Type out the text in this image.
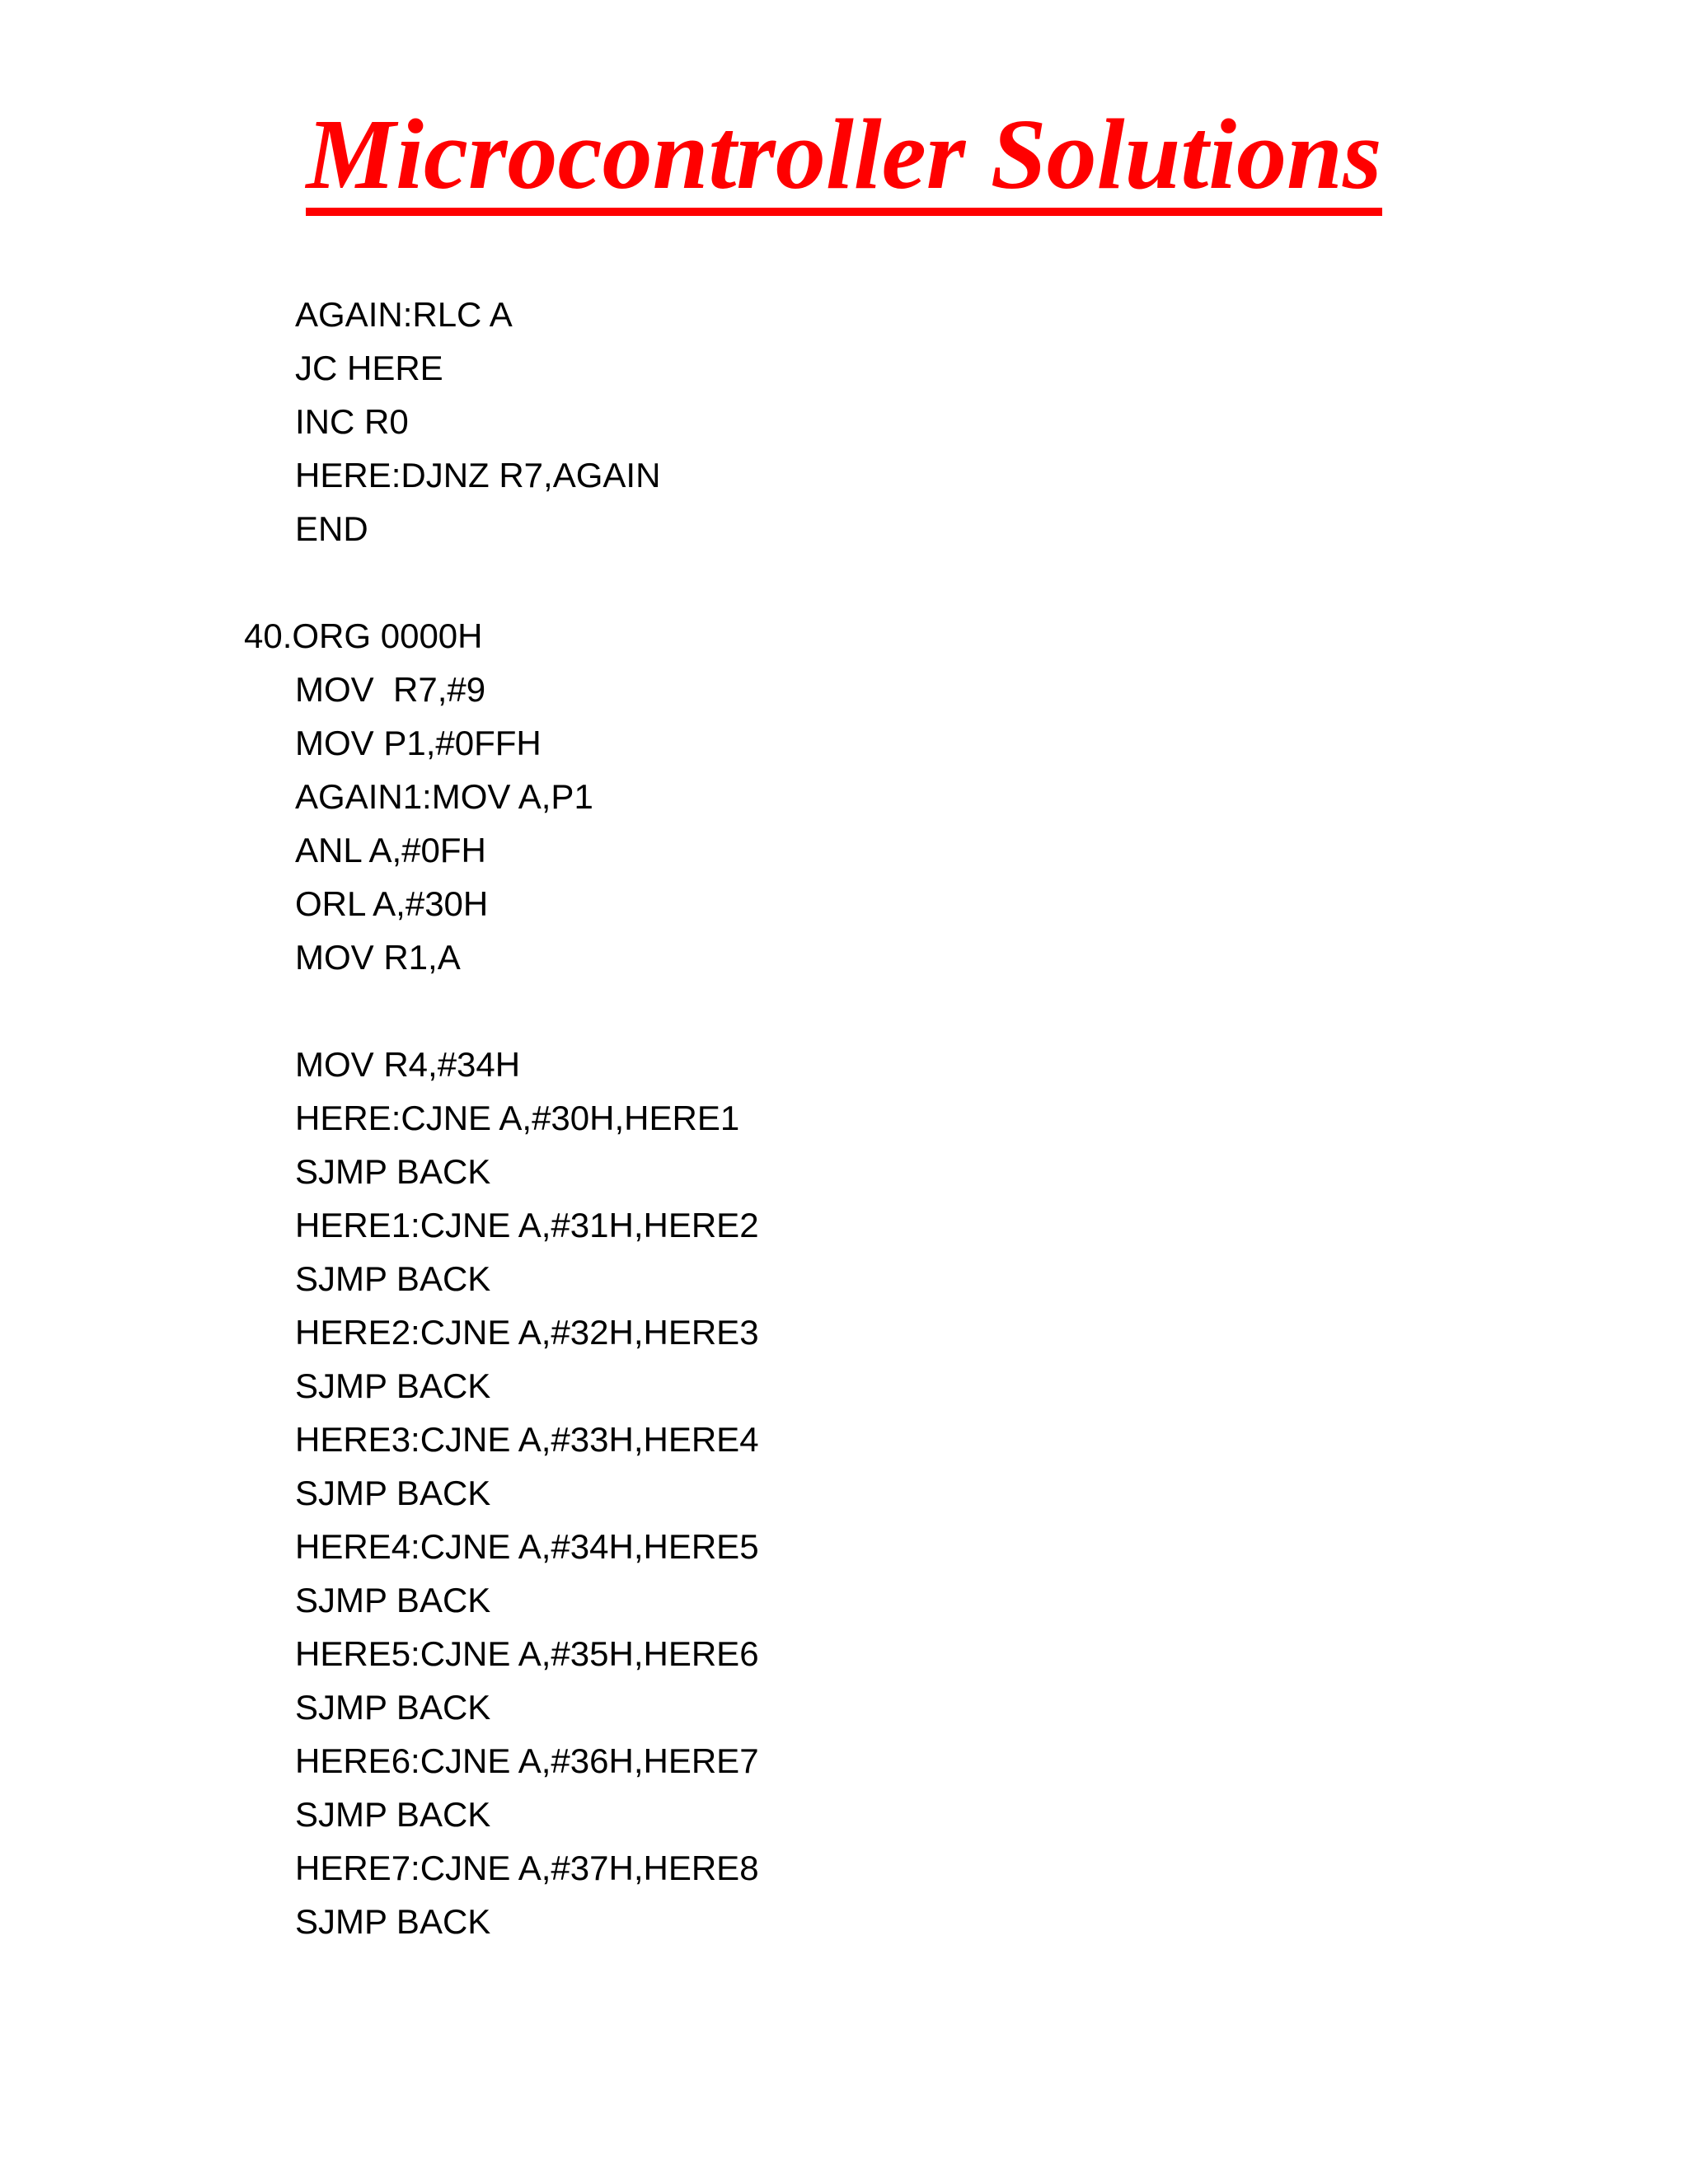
Microcontroller Solutions
AGAIN:RLC A
JC HERE
INC R0
HERE:DJNZ R7,AGAIN
END
40.ORG 0000H
MOV  R7,#9
MOV P1,#0FFH
AGAIN1:MOV A,P1
ANL A,#0FH
ORL A,#30H
MOV R1,A
MOV R4,#34H
HERE:CJNE A,#30H,HERE1
SJMP BACK
HERE1:CJNE A,#31H,HERE2
SJMP BACK
HERE2:CJNE A,#32H,HERE3
SJMP BACK
HERE3:CJNE A,#33H,HERE4
SJMP BACK
HERE4:CJNE A,#34H,HERE5
SJMP BACK
HERE5:CJNE A,#35H,HERE6
SJMP BACK
HERE6:CJNE A,#36H,HERE7
SJMP BACK
HERE7:CJNE A,#37H,HERE8
SJMP BACK
